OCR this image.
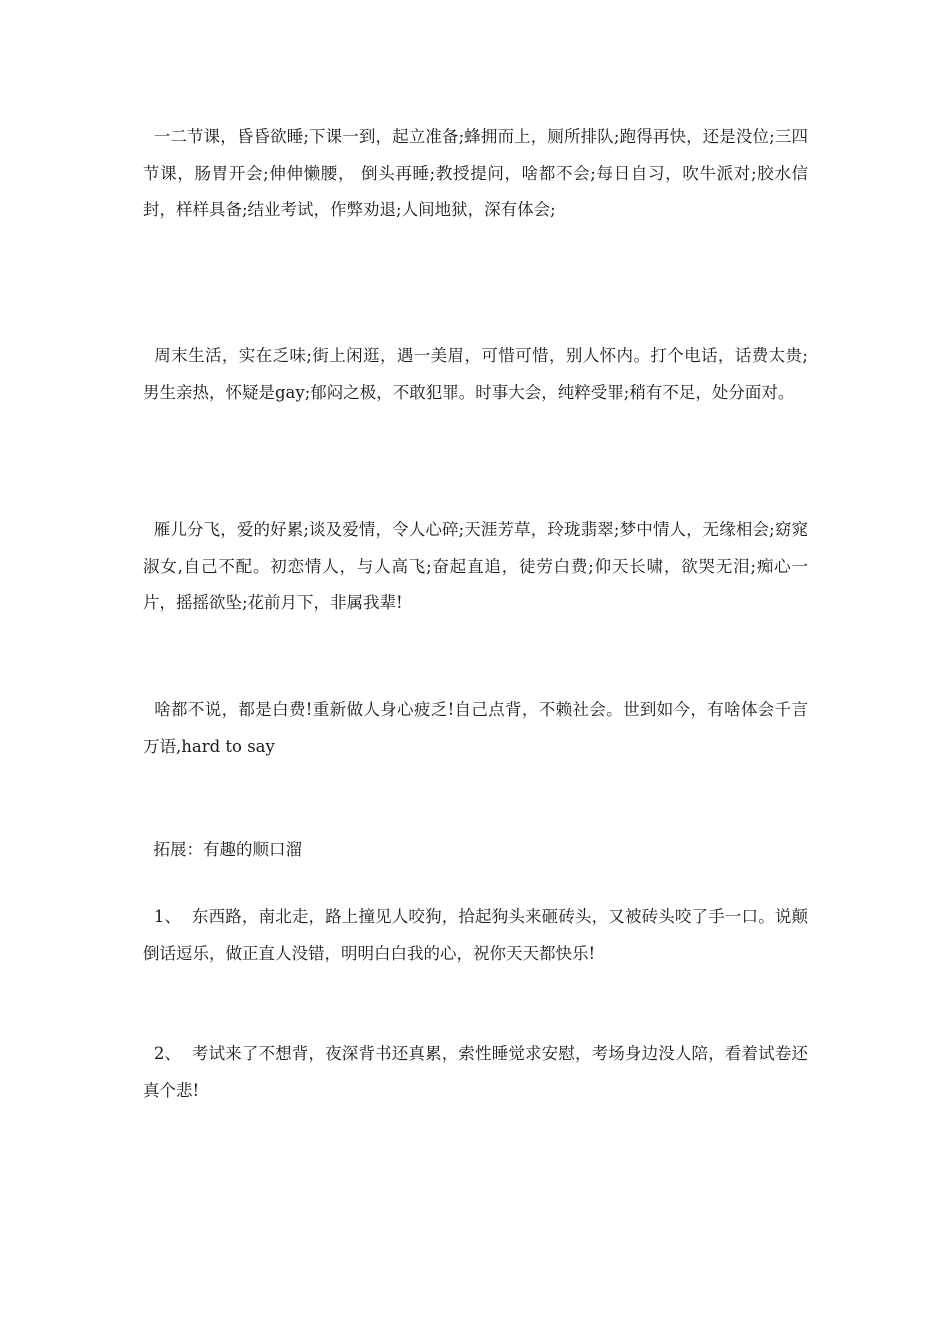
一二节课，昏昏欲睡;下课一到，起立准备;蜂拥而上，厕所排队;跑得再快，还是没位;三四节课，肠胃开会;伸伸懒腰， 倒头再睡;教授提问，啥都不会;每日自习，吹牛派对;胶水信封，样样具备;结业考试，作弊劝退;人间地狱，深有体会;

周末生活，实在乏味;街上闲逛，遇一美眉，可惜可惜，别人怀内。打个电话，话费太贵;男生亲热，怀疑是gay;郁闷之极，不敢犯罪。时事大会，纯粹受罪;稍有不足，处分面对。

雁儿分飞，爱的好累;谈及爱情，令人心碎;天涯芳草，玲珑翡翠;梦中情人，无缘相会;窈窕淑女,自己不配。初恋情人，与人高飞;奋起直追，徒劳白费;仰天长啸，欲哭无泪;痴心一片，摇摇欲坠;花前月下，非属我辈!

啥都不说，都是白费!重新做人身心疲乏!自己点背，不赖社会。世到如今，有啥体会千言万语,hard to say

拓展：有趣的顺口溜

1、  东西路，南北走，路上撞见人咬狗，拾起狗头来砸砖头，又被砖头咬了手一口。说颠倒话逗乐，做正直人没错，明明白白我的心，祝你天天都快乐!

2、  考试来了不想背，夜深背书还真累，索性睡觉求安慰，考场身边没人陪，看着试卷还真个悲!
